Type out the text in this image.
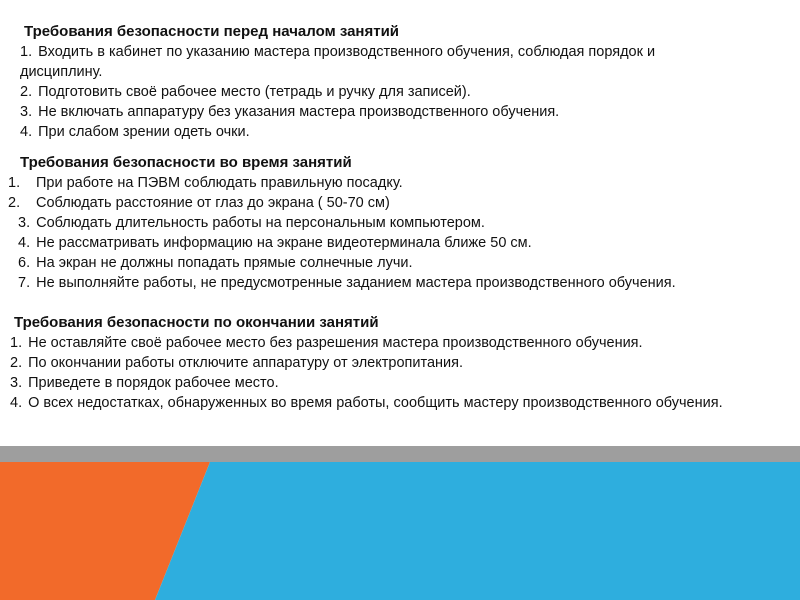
Требования безопасности перед началом занятий
1. Входить в кабинет по указанию мастера производственного обучения, соблюдая порядок и дисциплину.
2. Подготовить своё рабочее место (тетрадь и ручку для записей).
3. Не включать аппаратуру без указания мастера производственного обучения.
4. При слабом зрении одеть очки.
Требования безопасности во время занятий
1. При работе на ПЭВМ соблюдать правильную посадку.
2. Соблюдать расстояние от глаз до экрана ( 50-70 см)
3. Соблюдать длительность работы на персональным компьютером.
4. Не рассматривать информацию на экране видеотерминала ближе 50 см.
6. На экран не должны попадать прямые солнечные лучи.
7. Не выполняйте работы, не предусмотренные заданием мастера производственного обучения.
Требования безопасности по окончании занятий
1. Не оставляйте своё рабочее место без разрешения мастера производственного обучения.
2. По окончании работы отключите аппаратуру от электропитания.
3. Приведете в порядок рабочее место.
4. О всех недостатках, обнаруженных во время работы, сообщить мастеру производственного обучения.
